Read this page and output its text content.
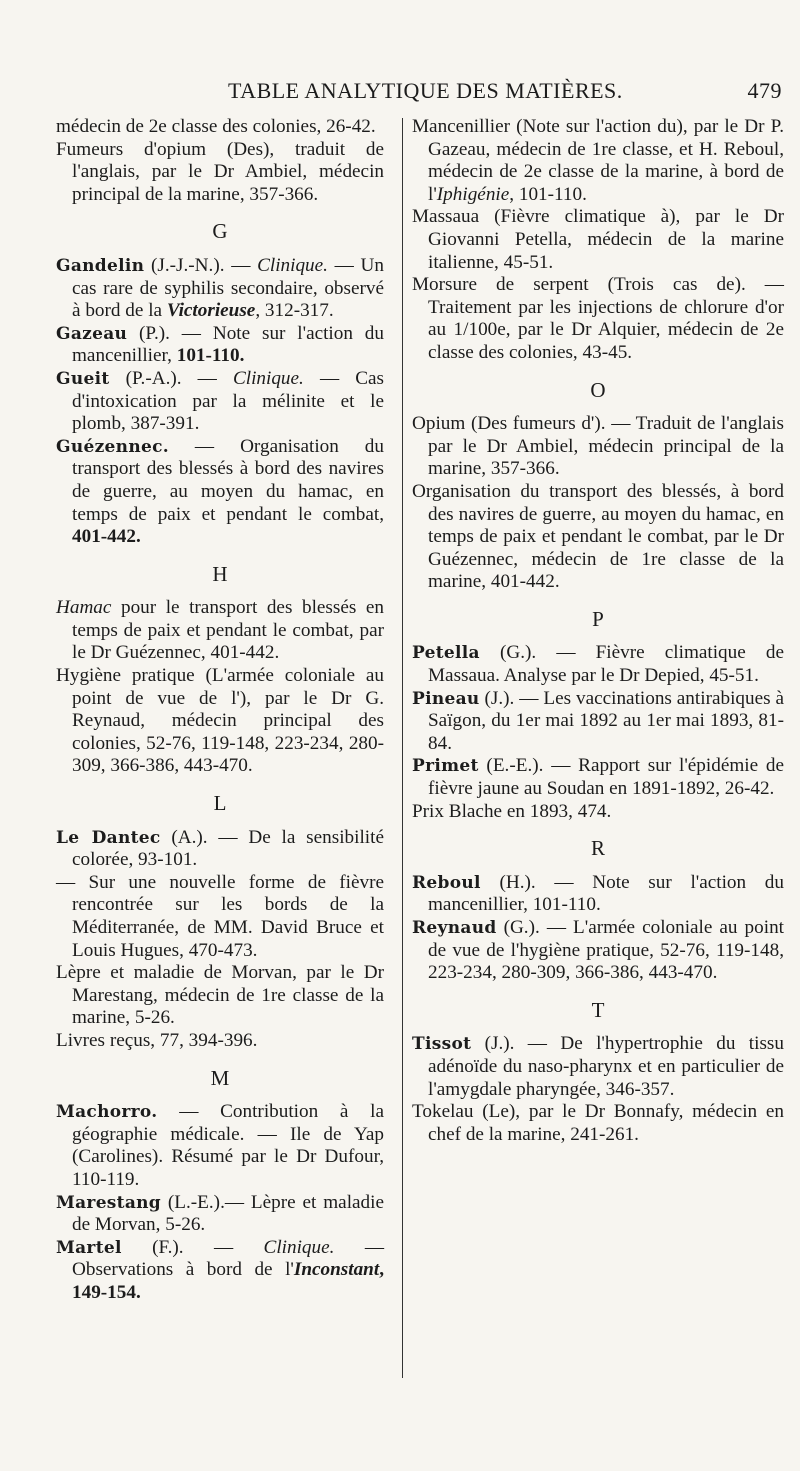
TABLE ANALYTIQUE DES MATIÈRES.	479

médecin de 2e classe des colonies, 26-42.

Fumeurs d'opium (Des), traduit de l'anglais, par le Dr Ambiel, médecin principal de la marine, 357-366.

G

Gandelin (J.-J.-N.). — Clinique. — Un cas rare de syphilis secondaire, observé à bord de la Victorieuse, 312-317.

Gazeau (P.). — Note sur l'action du mancenillier, 101-110.

Gueit (P.-A.). — Clinique. — Cas d'intoxication par la mélinite et le plomb, 387-391.

Guézennec. — Organisation du transport des blessés à bord des navires de guerre, au moyen du hamac, en temps de paix et pendant le combat, 401-442.

H

Hamac pour le transport des blessés en temps de paix et pendant le combat, par le Dr Guézennec, 401-442.

Hygiène pratique (L'armée coloniale au point de vue de l'), par le Dr G. Reynaud, médecin principal des colonies, 52-76, 119-148, 223-234, 280-309, 366-386, 443-470.

L

Le Dantec (A.). — De la sensibilité colorée, 93-101.

— Sur une nouvelle forme de fièvre rencontrée sur les bords de la Méditerranée, de MM. David Bruce et Louis Hugues, 470-473.

Lèpre et maladie de Morvan, par le Dr Marestang, médecin de 1re classe de la marine, 5-26.

Livres reçus, 77, 394-396.

M

Machorro. — Contribution à la géographie médicale. — Ile de Yap (Carolines). Résumé par le Dr Dufour, 110-119.

Marestang (L.-E.).— Lèpre et maladie de Morvan, 5-26.

Martel (F.). — Clinique. — Observations à bord de l'Inconstant, 149-154.

Mancenillier (Note sur l'action du), par le Dr P. Gazeau, médecin de 1re classe, et H. Reboul, médecin de 2e classe de la marine, à bord de l'Iphigénie, 101-110.

Massaua (Fièvre climatique à), par le Dr Giovanni Petella, médecin de la marine italienne, 45-51.

Morsure de serpent (Trois cas de). — Traitement par les injections de chlorure d'or au 1/100e, par le Dr Alquier, médecin de 2e classe des colonies, 43-45.

O

Opium (Des fumeurs d'). — Traduit de l'anglais par le Dr Ambiel, médecin principal de la marine, 357-366.

Organisation du transport des blessés, à bord des navires de guerre, au moyen du hamac, en temps de paix et pendant le combat, par le Dr Guézennec, médecin de 1re classe de la marine, 401-442.

P

Petella (G.). — Fièvre climatique de Massaua. Analyse par le Dr Depied, 45-51.

Pineau (J.). — Les vaccinations antirabiques à Saïgon, du 1er mai 1892 au 1er mai 1893, 81-84.

Primet (E.-E.). — Rapport sur l'épidémie de fièvre jaune au Soudan en 1891-1892, 26-42.

Prix Blache en 1893, 474.

R

Reboul (H.). — Note sur l'action du mancenillier, 101-110.

Reynaud (G.). — L'armée coloniale au point de vue de l'hygiène pratique, 52-76, 119-148, 223-234, 280-309, 366-386, 443-470.

T

Tissot (J.). — De l'hypertrophie du tissu adénoïde du naso-pharynx et en particulier de l'amygdale pharyngée, 346-357.

Tokelau (Le), par le Dr Bonnafy, médecin en chef de la marine, 241-261.
